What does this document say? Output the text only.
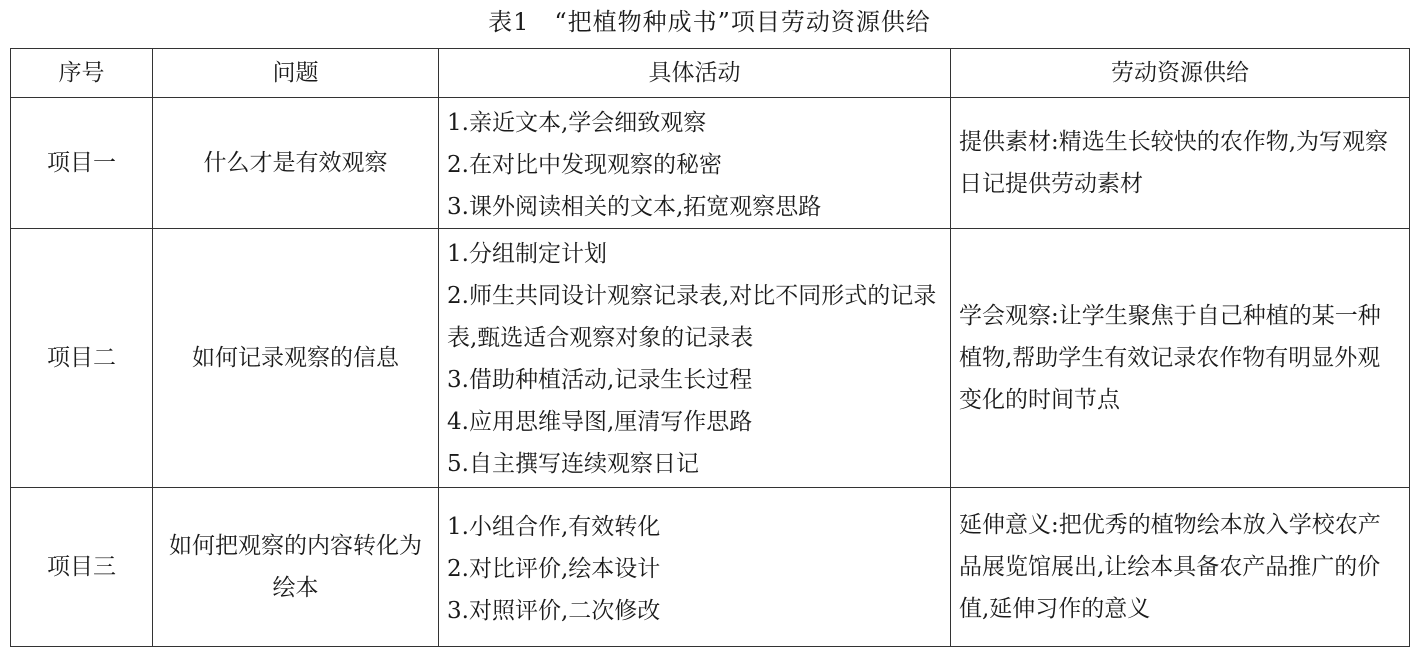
表1　“把植物种成书”项目劳动资源供给
序号	问题	具体活动	劳动资源供给
项目一	什么才是有效观察	1.亲近文本,学会细致观察
2.在对比中发现观察的秘密
3.课外阅读相关的文本,拓宽观察思路	提供素材:精选生长较快的农作物,为写观察日记提供劳动素材
项目二	如何记录观察的信息	1.分组制定计划
2.师生共同设计观察记录表,对比不同形式的记录表,甄选适合观察对象的记录表
3.借助种植活动,记录生长过程
4.应用思维导图,厘清写作思路
5.自主撰写连续观察日记	学会观察:让学生聚焦于自己种植的某一种植物,帮助学生有效记录农作物有明显外观变化的时间节点
项目三	如何把观察的内容转化为绘本	1.小组合作,有效转化
2.对比评价,绘本设计
3.对照评价,二次修改	延伸意义:把优秀的植物绘本放入学校农产品展览馆展出,让绘本具备农产品推广的价值,延伸习作的意义
